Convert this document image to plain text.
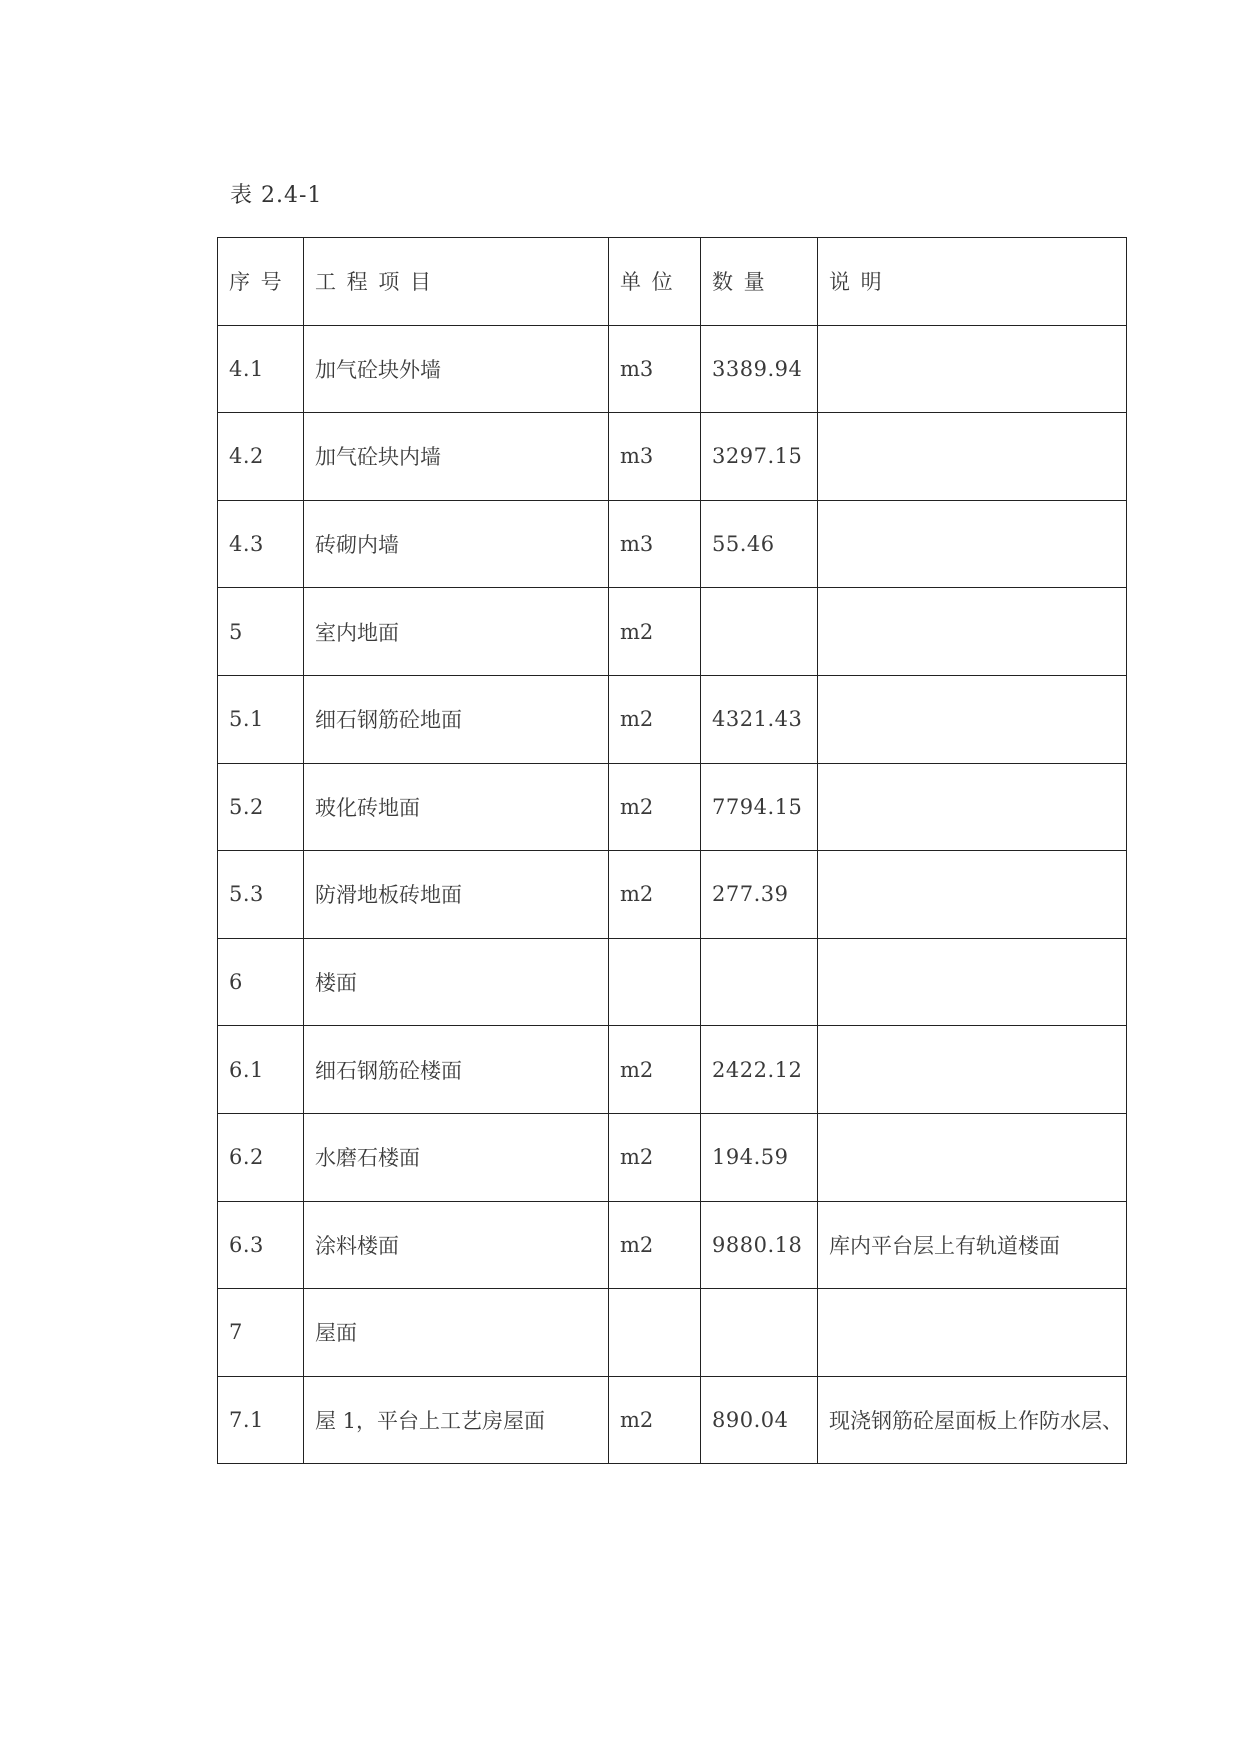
表 2.4-1
序 号	工 程 项 目	单 位	数 量	说 明
4.1	加气砼块外墙	m3	3389.94	
4.2	加气砼块内墙	m3	3297.15	
4.3	砖砌内墙	m3	55.46	
5	室内地面	m2		
5.1	细石钢筋砼地面	m2	4321.43	
5.2	玻化砖地面	m2	7794.15	
5.3	防滑地板砖地面	m2	277.39	
6	楼面			
6.1	细石钢筋砼楼面	m2	2422.12	
6.2	水磨石楼面	m2	194.59	
6.3	涂料楼面	m2	9880.18	库内平台层上有轨道楼面
7	屋面			
7.1	屋 1，平台上工艺房屋面	m2	890.04	现浇钢筋砼屋面板上作防水层、
